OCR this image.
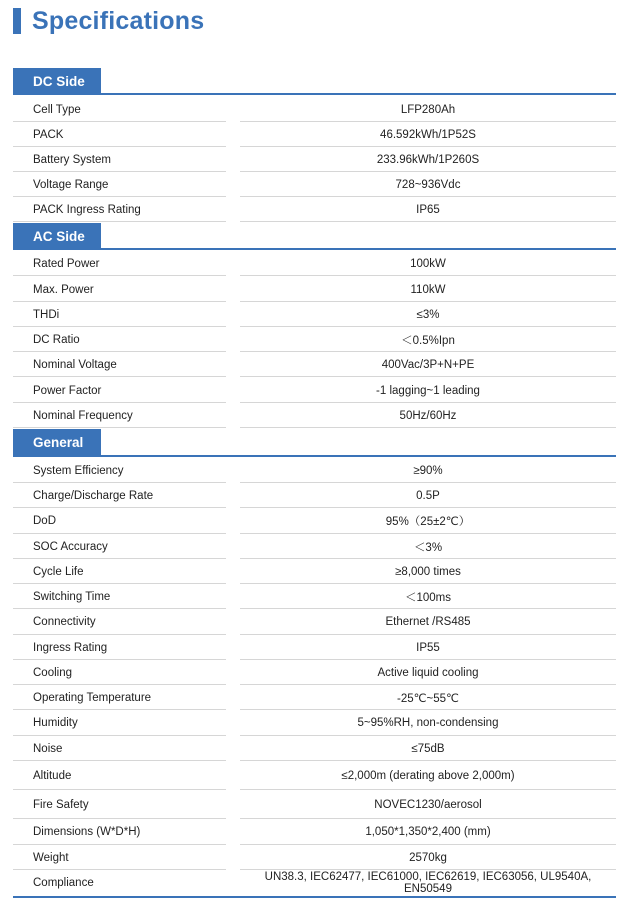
Specifications
DC Side
Cell Type	LFP280Ah
PACK	46.592kWh/1P52S
Battery System	233.96kWh/1P260S
Voltage Range	728~936Vdc
PACK Ingress Rating	IP65
AC Side
Rated Power	100kW
Max. Power	110kW
THDi	≤3%
DC Ratio	＜0.5%Ipn
Nominal Voltage	400Vac/3P+N+PE
Power Factor	-1 lagging~1 leading
Nominal Frequency	50Hz/60Hz
General
System Efficiency	≥90%
Charge/Discharge Rate	0.5P
DoD	95%（25±2℃）
SOC Accuracy	＜3%
Cycle Life	≥8,000 times
Switching Time	＜100ms
Connectivity	Ethernet /RS485
Ingress Rating	IP55
Cooling	Active liquid cooling
Operating Temperature	-25℃~55℃
Humidity	5~95%RH, non-condensing
Noise	≤75dB
Altitude	≤2,000m (derating above 2,000m)
Fire Safety	NOVEC1230/aerosol
Dimensions (W*D*H)	1,050*1,350*2,400 (mm)
Weight	2570kg
Compliance	UN38.3, IEC62477, IEC61000, IEC62619, IEC63056, UL9540A, EN50549
